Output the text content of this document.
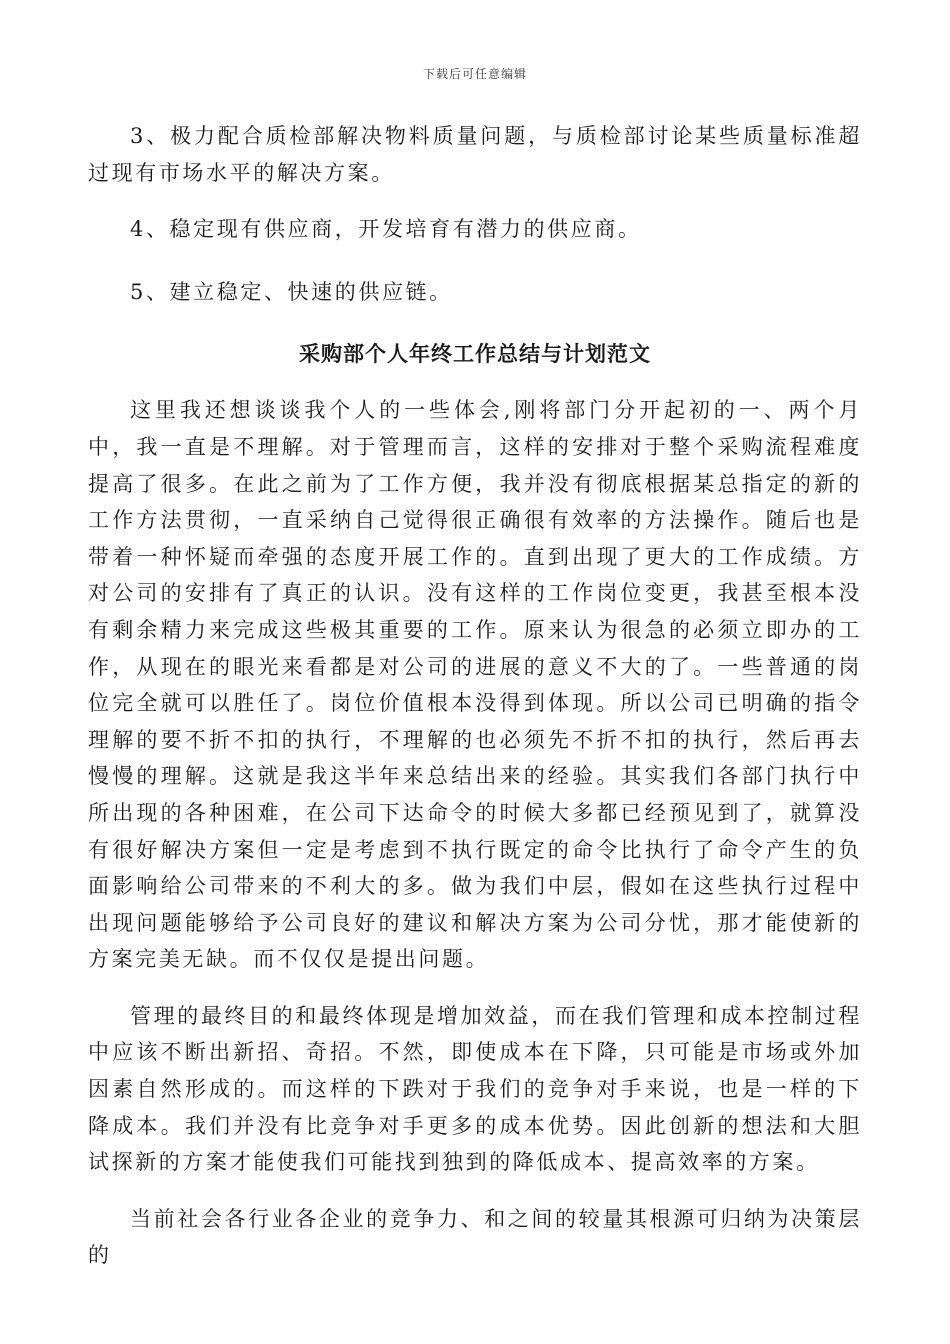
下载后可任意编辑

3、极力配合质检部解决物料质量问题，与质检部讨论某些质量标准超过现有市场水平的解决方案。

4、稳定现有供应商，开发培育有潜力的供应商。

5、建立稳定、快速的供应链。

采购部个人年终工作总结与计划范文

这里我还想谈谈我个人的一些体会,刚将部门分开起初的一、两个月中，我一直是不理解。对于管理而言，这样的安排对于整个采购流程难度提高了很多。在此之前为了工作方便，我并没有彻底根据某总指定的新的工作方法贯彻，一直采纳自己觉得很正确很有效率的方法操作。随后也是带着一种怀疑而牵强的态度开展工作的。直到出现了更大的工作成绩。方对公司的安排有了真正的认识。没有这样的工作岗位变更，我甚至根本没有剩余精力来完成这些极其重要的工作。原来认为很急的必须立即办的工作，从现在的眼光来看都是对公司的进展的意义不大的了。一些普通的岗位完全就可以胜任了。岗位价值根本没得到体现。所以公司已明确的指令理解的要不折不扣的执行，不理解的也必须先不折不扣的执行，然后再去慢慢的理解。这就是我这半年来总结出来的经验。其实我们各部门执行中所出现的各种困难，在公司下达命令的时候大多都已经预见到了，就算没有很好解决方案但一定是考虑到不执行既定的命令比执行了命令产生的负面影响给公司带来的不利大的多。做为我们中层，假如在这些执行过程中出现问题能够给予公司良好的建议和解决方案为公司分忧，那才能使新的方案完美无缺。而不仅仅是提出问题。

管理的最终目的和最终体现是增加效益，而在我们管理和成本控制过程中应该不断出新招、奇招。不然，即使成本在下降，只可能是市场或外加因素自然形成的。而这样的下跌对于我们的竞争对手来说，也是一样的下降成本。我们并没有比竞争对手更多的成本优势。因此创新的想法和大胆试探新的方案才能使我们可能找到独到的降低成本、提高效率的方案。

当前社会各行业各企业的竞争力、和之间的较量其根源可归纳为决策层的
